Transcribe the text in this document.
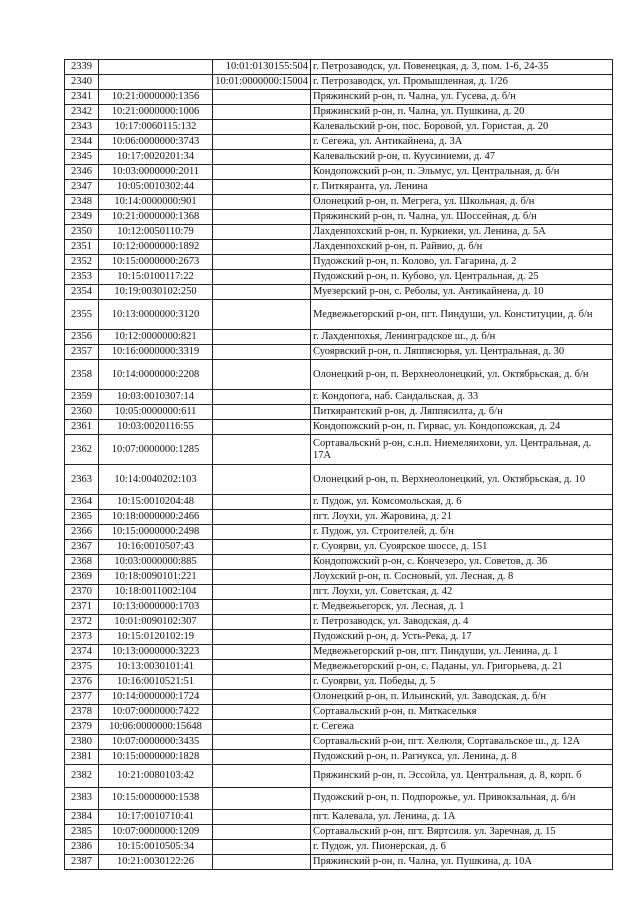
2339		10:01:0130155:504	г. Петрозаводск, ул. Повенецкая, д. 3, пом. 1-6, 24-35
2340		10:01:0000000:15004	г. Петрозаводск, ул. Промышленная, д. 1/26
2341	10:21:0000000:1356		Пряжинский р-он, п. Чална, ул. Гусева, д. б/н
2342	10:21:0000000:1006		Пряжинский р-он, п. Чална, ул. Пушкина, д. 20
2343	10:17:0060115:132		Калевальский р-он, пос. Боровой, ул. Гористая, д. 20
2344	10:06:0000000:3743		г. Сегежа, ул. Антикайнена, д. 3А
2345	10:17:0020201:34		Калевальский р-он, п. Куусиниеми, д. 47
2346	10:03:0000000:2011		Кондопожский р-он, п. Эльмус, ул. Центральная, д. б/н
2347	10:05:0010302:44		г. Питкяранта, ул. Ленина
2348	10:14:0000000:901		Олонецкий р-он, п. Мегрега, ул. Школьная, д. б/н
2349	10:21:0000000:1368		Пряжинский р-он, п. Чална, ул. Шоссейная, д. б/н
2350	10:12:0050110:79		Лахденпохский р-он, п. Куркиеки, ул. Ленина, д. 5А
2351	10:12:0000000:1892		Лахденпохский р-он, п. Райвио, д. б/н
2352	10:15:0000000:2673		Пудожский р-он, п. Колово, ул. Гагарина, д. 2
2353	10:15:0100117:22		Пудожский р-он, п. Кубово, ул. Центральная, д. 25
2354	10:19:0030102:250		Муезерский р-он, с. Реболы, ул. Антикайнена, д. 10
2355	10:13:0000000:3120		Медвежьегорский р-он, пгт. Пиндуши, ул. Конституции, д. б/н
2356	10:12:0000000:821		г. Лахденпохья, Ленинградское ш., д. б/н
2357	10:16:0000000:3319		Суоярвский р-он, п. Ляппясюрья, ул. Центральная, д. 30
2358	10:14:0000000:2208		Олонецкий р-он, п. Верхнеолонецкий, ул. Октябрьская, д. б/н
2359	10:03:0010307:14		г. Кондопога, наб. Сандальская, д. 33
2360	10:05:0000000:611		Питкярантский р-он, д. Ляппясилта, д. б/н
2361	10:03:0020116:55		Кондопожский р-он, п. Гирвас, ул. Кондопожская, д. 24
2362	10:07:0000000:1285		Сортавальский р-он, с.н.п. Ниемелянхови, ул. Центральная, д. 17А
2363	10:14:0040202:103		Олонецкий р-он, п. Верхнеолонецкий, ул. Октябрьская, д. 10
2364	10:15:0010204:48		г. Пудож, ул. Комсомольская, д. 6
2365	10:18:0000000:2466		пгт. Лоухи, ул. Жаровина, д. 21
2366	10:15:0000000:2498		г. Пудож, ул. Строителей, д. б/н
2367	10:16:0010507:43		г. Суоярви, ул. Суоярское шоссе, д. 151
2368	10:03:0000000:885		Кондопожский р-он, с. Кончезеро, ул. Советов, д. 36
2369	10:18:0090101:221		Лоухский р-он, п. Сосновый, ул. Лесная, д. 8
2370	10:18:0011002:104		пгт. Лоухи, ул. Советская, д. 42
2371	10:13:0000000:1703		г. Медвежьегорск, ул. Лесная, д. 1
2372	10:01:0090102:307		г. Петрозаводск, ул. Заводская, д. 4
2373	10:15:0120102:19		Пудожский р-он, д. Усть-Река, д. 17
2374	10:13:0000000:3223		Медвежьегорский р-он, пгт. Пиндуши, ул. Ленина, д. 1
2375	10:13:0030101:41		Медвежьегорский р-он, с. Паданы, ул. Григорьева, д. 21
2376	10:16:0010521:51		г. Суоярви, ул. Победы, д. 5
2377	10:14:0000000:1724		Олонецкий р-он, п. Ильинский, ул. Заводская, д. б/н
2378	10:07:0000000:7422		Сортавальский р-он, п. Мяткаселькя
2379	10:06:0000000:15648		г. Сегежа
2380	10:07:0000000:3435		Сортавальский р-он, пгт. Хелюля, Сортавальское ш., д. 12А
2381	10:15:0000000:1828		Пудожский р-он, п. Рагнукса, ул. Ленина, д. 8
2382	10:21:0080103:42		Пряжинский р-он, п. Эссойла, ул. Центральная, д. 8, корп. б
2383	10:15:0000000:1538		Пудожский р-он, п. Подпорожье, ул. Привокзальная, д. б/н
2384	10:17:0010710:41		пгт. Калевала, ул. Ленина, д. 1А
2385	10:07:0000000:1209		Сортавальский р-он, пгт. Вяртсиля. ул. Заречная, д. 15
2386	10:15:0010505:34		г. Пудож, ул. Пионерская, д. 6
2387	10:21:0030122:26		Пряжинский р-он, п. Чална, ул. Пушкина, д. 10А
